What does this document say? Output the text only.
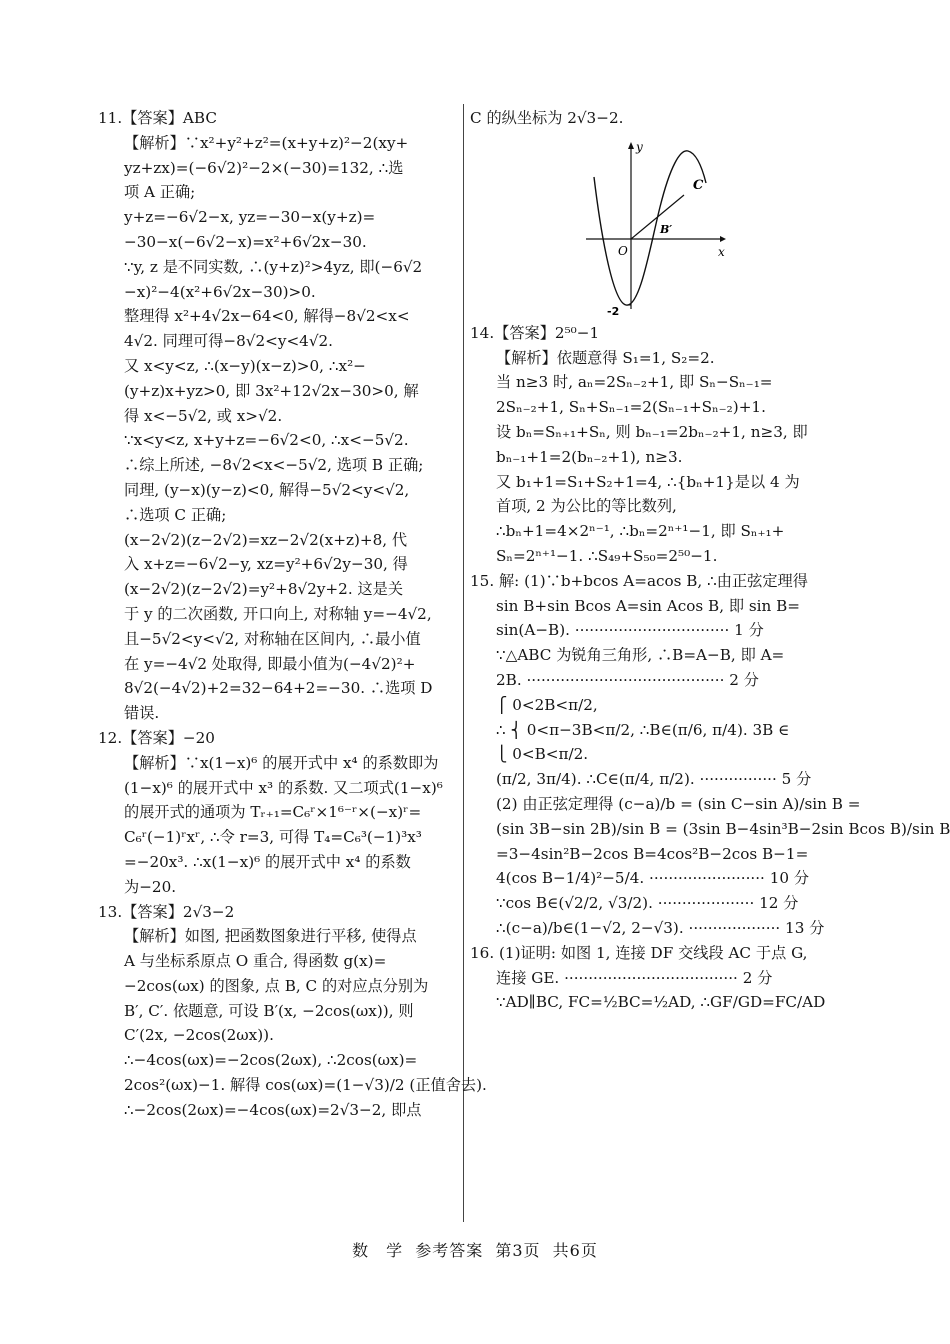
11.【答案】ABC
【解析】∵x²+y²+z²=(x+y+z)²−2(xy+
yz+zx)=(−6√2)²−2×(−30)=132, ∴选
项 A 正确;
y+z=−6√2−x, yz=−30−x(y+z)=
−30−x(−6√2−x)=x²+6√2x−30.
∵y, z 是不同实数, ∴(y+z)²>4yz, 即(−6√2
−x)²−4(x²+6√2x−30)>0.
整理得 x²+4√2x−64<0, 解得−8√2<x<
4√2. 同理可得−8√2<y<4√2.
又 x<y<z, ∴(x−y)(x−z)>0, ∴x²−
(y+z)x+yz>0, 即 3x²+12√2x−30>0, 解
得 x<−5√2, 或 x>√2.
∵x<y<z, x+y+z=−6√2<0, ∴x<−5√2.
∴综上所述, −8√2<x<−5√2, 选项 B 正确;
同理, (y−x)(y−z)<0, 解得−5√2<y<√2,
∴选项 C 正确;
(x−2√2)(z−2√2)=xz−2√2(x+z)+8, 代
入 x+z=−6√2−y, xz=y²+6√2y−30, 得
(x−2√2)(z−2√2)=y²+8√2y+2. 这是关
于 y 的二次函数, 开口向上, 对称轴 y=−4√2,
且−5√2<y<√2, 对称轴在区间内, ∴最小值
在 y=−4√2 处取得, 即最小值为(−4√2)²+
8√2(−4√2)+2=32−64+2=−30. ∴选项 D
错误.
12.【答案】−20
【解析】∵x(1−x)⁶ 的展开式中 x⁴ 的系数即为
(1−x)⁶ 的展开式中 x³ 的系数. 又二项式(1−x)⁶
的展开式的通项为 Tᵣ₊₁=C₆ʳ×1⁶⁻ʳ×(−x)ʳ=
C₆ʳ(−1)ʳxʳ, ∴令 r=3, 可得 T₄=C₆³(−1)³x³
=−20x³. ∴x(1−x)⁶ 的展开式中 x⁴ 的系数
为−20.
13.【答案】2√3−2
【解析】如图, 把函数图象进行平移, 使得点
A 与坐标系原点 O 重合, 得函数 g(x)=
−2cos(ωx) 的图象, 点 B, C 的对应点分别为
B′, C′. 依题意, 可设 B′(x, −2cos(ωx)), 则
C′(2x, −2cos(2ωx)).
∴−4cos(ωx)=−2cos(2ωx), ∴2cos(ωx)=
2cos²(ωx)−1. 解得 cos(ωx)=(1−√3)/2 (正值舍去).
∴−2cos(2ωx)=−4cos(ωx)=2√3−2, 即点
C 的纵坐标为 2√3−2.
y
x
O
B′
C
-2
14.【答案】2⁵⁰−1
【解析】依题意得 S₁=1, S₂=2.
当 n≥3 时, aₙ=2Sₙ₋₂+1, 即 Sₙ−Sₙ₋₁=
2Sₙ₋₂+1, Sₙ+Sₙ₋₁=2(Sₙ₋₁+Sₙ₋₂)+1.
设 bₙ=Sₙ₊₁+Sₙ, 则 bₙ₋₁=2bₙ₋₂+1, n≥3, 即
bₙ₋₁+1=2(bₙ₋₂+1), n≥3.
又 b₁+1=S₁+S₂+1=4, ∴{bₙ+1}是以 4 为
首项, 2 为公比的等比数列,
∴bₙ+1=4×2ⁿ⁻¹, ∴bₙ=2ⁿ⁺¹−1, 即 Sₙ₊₁+
Sₙ=2ⁿ⁺¹−1. ∴S₄₉+S₅₀=2⁵⁰−1.
15. 解: (1)∵b+bcos A=acos B, ∴由正弦定理得
sin B+sin Bcos A=sin Acos B, 即 sin B=
sin(A−B). ································ 1 分
∵△ABC 为锐角三角形, ∴B=A−B, 即 A=
2B. ········································· 2 分
⎧ 0<2B<π/2,
∴ ⎨ 0<π−3B<π/2, ∴B∈(π/6, π/4). 3B ∈
⎩ 0<B<π/2.
(π/2, 3π/4). ∴C∈(π/4, π/2). ················ 5 分
(2) 由正弦定理得 (c−a)/b = (sin C−sin A)/sin B =
(sin 3B−sin 2B)/sin B = (3sin B−4sin³B−2sin Bcos B)/sin B
=3−4sin²B−2cos B=4cos²B−2cos B−1=
4(cos B−1/4)²−5/4. ························ 10 分
∵cos B∈(√2/2, √3/2). ···················· 12 分
∴(c−a)/b∈(1−√2, 2−√3). ··················· 13 分
16. (1)证明: 如图 1, 连接 DF 交线段 AC 于点 G,
连接 GE. ···································· 2 分
∵AD∥BC, FC=½BC=½AD, ∴GF/GD=FC/AD
数　学 参考答案 第3页 共6页
